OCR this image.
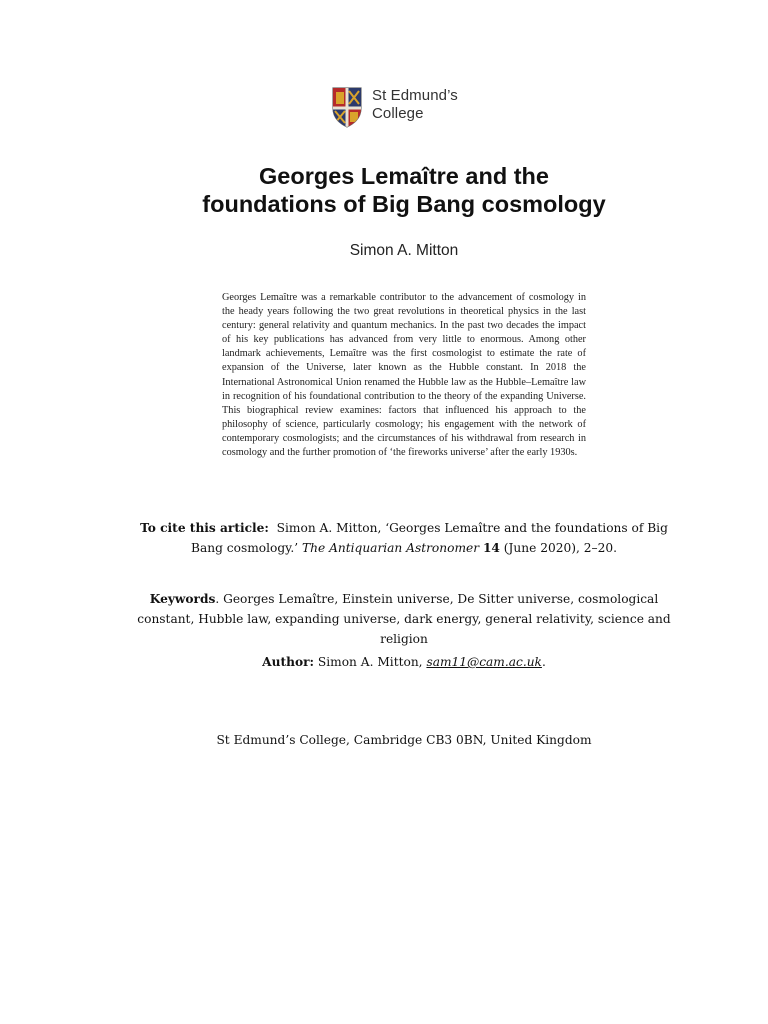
St Edmund’s
College
Georges Lemaître and the
foundations of Big Bang cosmology
Simon A. Mitton

Georges Lemaître was a remarkable contributor to the advancement of cosmology in the heady years following the two great revolutions in theoretical physics in the last century: general relativity and quantum mechanics. In the past two decades the impact of his key publications has advanced from very little to enormous. Among other landmark achievements, Lemaître was the first cosmologist to estimate the rate of expansion of the Universe, later known as the Hubble constant. In 2018 the International Astronomical Union renamed the Hubble law as the Hubble–Lemaître law in recognition of his foundational contribution to the theory of the expanding Universe. This biographical review examines: factors that influenced his approach to the philosophy of science, particularly cosmology; his engagement with the network of contemporary cosmologists; and the circumstances of his withdrawal from research in cosmology and the further promotion of ‘the fireworks universe’ after the early 1930s.

To cite this article: Simon A. Mitton, ‘Georges Lemaître and the foundations of Big Bang cosmology.’ The Antiquarian Astronomer 14 (June 2020), 2–20.
Keywords. Georges Lemaître, Einstein universe, De Sitter universe, cosmological constant, Hubble law, expanding universe, dark energy, general relativity, science and religion
Author: Simon A. Mitton, sam11@cam.ac.uk.
St Edmund’s College, Cambridge CB3 0BN, United Kingdom
